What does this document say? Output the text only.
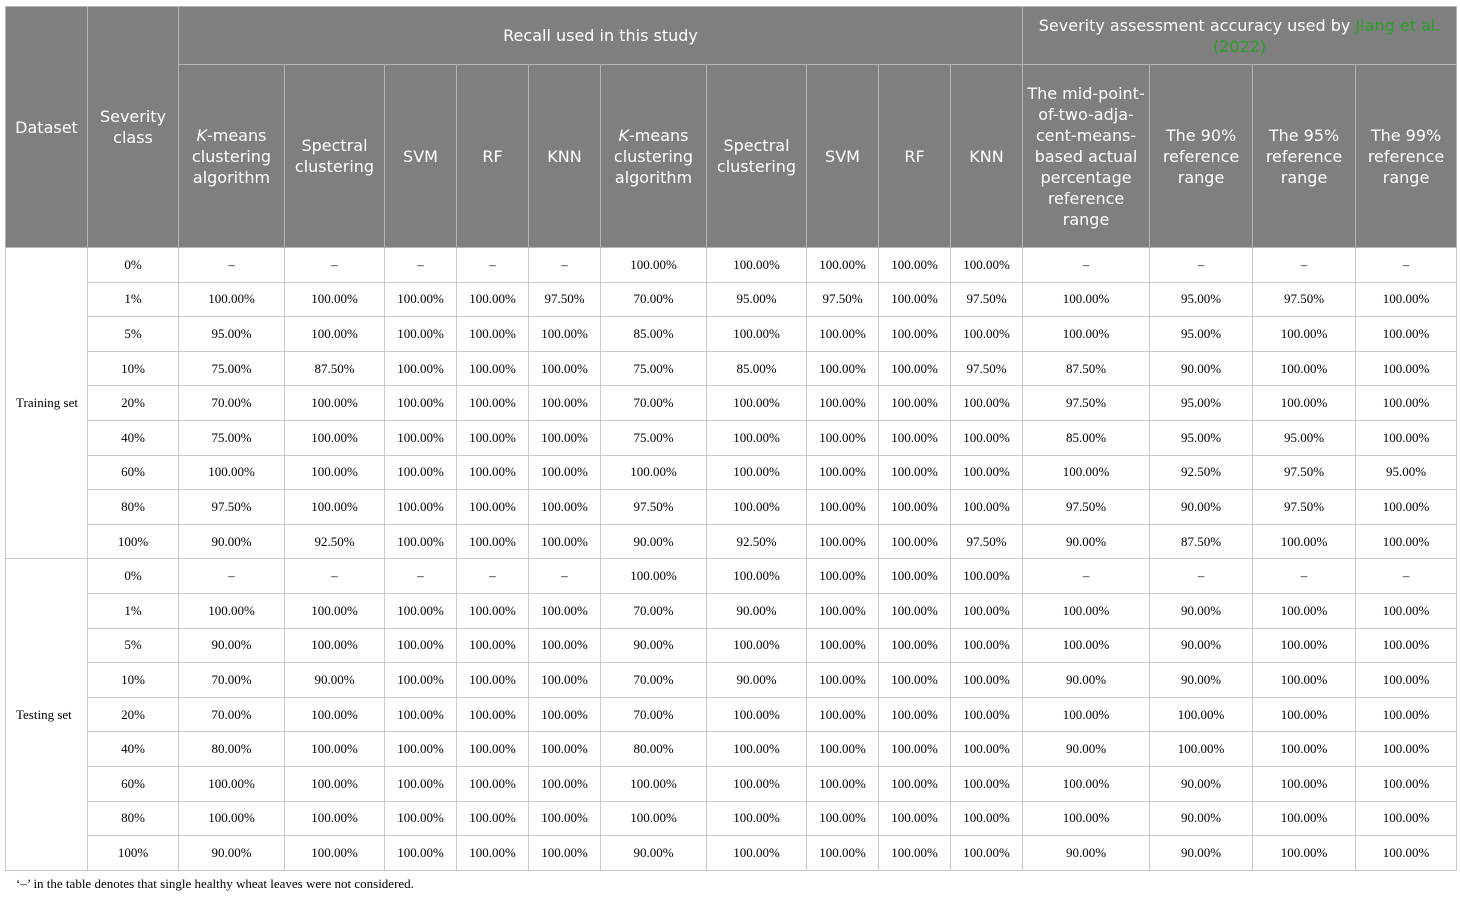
Dataset	Severity class	Recall used in this study										Severity assessment accuracy used by Jiang et al. (2022)			
		K-means clustering algorithm	Spectral clustering	SVM	RF	KNN	K-means clustering algorithm	Spectral clustering	SVM	RF	KNN	The mid-point-of-two-adja-cent-means-based actual percentage reference range	The 90% reference range	The 95% reference range	The 99% reference range
Training set	0%	–	–	–	–	–	100.00%	100.00%	100.00%	100.00%	100.00%	–	–	–	–
	1%	100.00%	100.00%	100.00%	100.00%	97.50%	70.00%	95.00%	97.50%	100.00%	97.50%	100.00%	95.00%	97.50%	100.00%
	5%	95.00%	100.00%	100.00%	100.00%	100.00%	85.00%	100.00%	100.00%	100.00%	100.00%	100.00%	95.00%	100.00%	100.00%
	10%	75.00%	87.50%	100.00%	100.00%	100.00%	75.00%	85.00%	100.00%	100.00%	97.50%	87.50%	90.00%	100.00%	100.00%
	20%	70.00%	100.00%	100.00%	100.00%	100.00%	70.00%	100.00%	100.00%	100.00%	100.00%	97.50%	95.00%	100.00%	100.00%
	40%	75.00%	100.00%	100.00%	100.00%	100.00%	75.00%	100.00%	100.00%	100.00%	100.00%	85.00%	95.00%	95.00%	100.00%
	60%	100.00%	100.00%	100.00%	100.00%	100.00%	100.00%	100.00%	100.00%	100.00%	100.00%	100.00%	92.50%	97.50%	95.00%
	80%	97.50%	100.00%	100.00%	100.00%	100.00%	97.50%	100.00%	100.00%	100.00%	100.00%	97.50%	90.00%	97.50%	100.00%
	100%	90.00%	92.50%	100.00%	100.00%	100.00%	90.00%	92.50%	100.00%	100.00%	97.50%	90.00%	87.50%	100.00%	100.00%
Testing set	0%	–	–	–	–	–	100.00%	100.00%	100.00%	100.00%	100.00%	–	–	–	–
	1%	100.00%	100.00%	100.00%	100.00%	100.00%	70.00%	90.00%	100.00%	100.00%	100.00%	100.00%	90.00%	100.00%	100.00%
	5%	90.00%	100.00%	100.00%	100.00%	100.00%	90.00%	100.00%	100.00%	100.00%	100.00%	100.00%	90.00%	100.00%	100.00%
	10%	70.00%	90.00%	100.00%	100.00%	100.00%	70.00%	90.00%	100.00%	100.00%	100.00%	90.00%	90.00%	100.00%	100.00%
	20%	70.00%	100.00%	100.00%	100.00%	100.00%	70.00%	100.00%	100.00%	100.00%	100.00%	100.00%	100.00%	100.00%	100.00%
	40%	80.00%	100.00%	100.00%	100.00%	100.00%	80.00%	100.00%	100.00%	100.00%	100.00%	90.00%	100.00%	100.00%	100.00%
	60%	100.00%	100.00%	100.00%	100.00%	100.00%	100.00%	100.00%	100.00%	100.00%	100.00%	100.00%	90.00%	100.00%	100.00%
	80%	100.00%	100.00%	100.00%	100.00%	100.00%	100.00%	100.00%	100.00%	100.00%	100.00%	100.00%	90.00%	100.00%	100.00%
	100%	90.00%	100.00%	100.00%	100.00%	100.00%	90.00%	100.00%	100.00%	100.00%	100.00%	90.00%	90.00%	100.00%	100.00%
‘–’ in the table denotes that single healthy wheat leaves were not considered.
